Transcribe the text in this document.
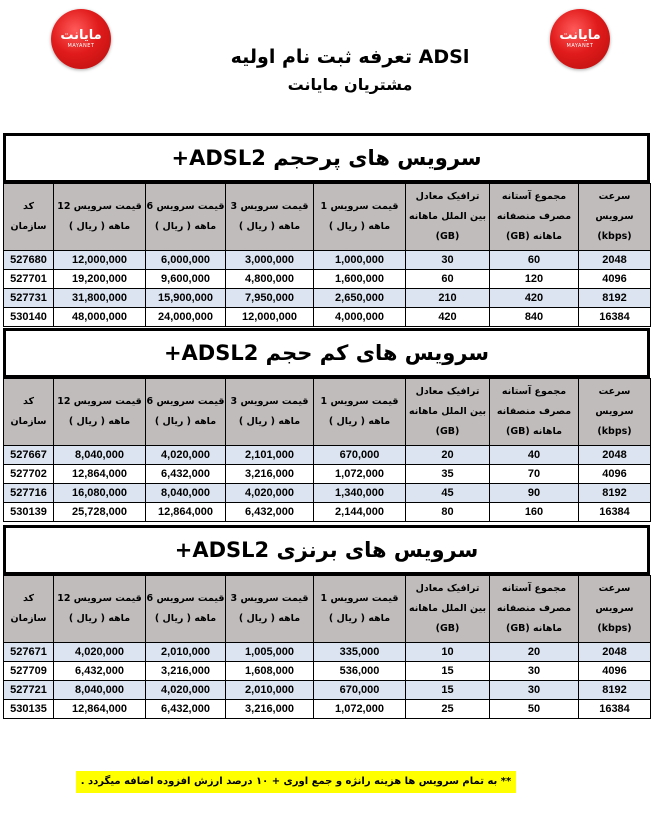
مایانت
MAYANET
مایانت
MAYANET
ADSl تعرفه ثبت نام اولیه
مشتریان مایانت
سرویس های پرحجم ADSL2+
کد سازمان	قیمت سرویس 12 ماهه ( ریال )	قیمت سرویس 6 ماهه ( ریال )	قیمت سرویس 3 ماهه ( ریال )	قیمت سرویس 1 ماهه ( ریال )	ترافیک معادل بین الملل ماهانه (GB)	مجموع آستانه مصرف منصفانه ماهانه (GB)	سرعت سرویس (kbps)
527680	12,000,000	6,000,000	3,000,000	1,000,000	30	60	2048
527701	19,200,000	9,600,000	4,800,000	1,600,000	60	120	4096
527731	31,800,000	15,900,000	7,950,000	2,650,000	210	420	8192
530140	48,000,000	24,000,000	12,000,000	4,000,000	420	840	16384
سرویس های کم حجم ADSL2+
کد سازمان	قیمت سرویس 12 ماهه ( ریال )	قیمت سرویس 6 ماهه ( ریال )	قیمت سرویس 3 ماهه ( ریال )	قیمت سرویس 1 ماهه ( ریال )	ترافیک معادل بین الملل ماهانه (GB)	مجموع آستانه مصرف منصفانه ماهانه (GB)	سرعت سرویس (kbps)
527667	8,040,000	4,020,000	2,101,000	670,000	20	40	2048
527702	12,864,000	6,432,000	3,216,000	1,072,000	35	70	4096
527716	16,080,000	8,040,000	4,020,000	1,340,000	45	90	8192
530139	25,728,000	12,864,000	6,432,000	2,144,000	80	160	16384
سرویس های برنزی ADSL2+
کد سازمان	قیمت سرویس 12 ماهه ( ریال )	قیمت سرویس 6 ماهه ( ریال )	قیمت سرویس 3 ماهه ( ریال )	قیمت سرویس 1 ماهه ( ریال )	ترافیک معادل بین الملل ماهانه (GB)	مجموع آستانه مصرف منصفانه ماهانه (GB)	سرعت سرویس (kbps)
527671	4,020,000	2,010,000	1,005,000	335,000	10	20	2048
527709	6,432,000	3,216,000	1,608,000	536,000	15	30	4096
527721	8,040,000	4,020,000	2,010,000	670,000	15	30	8192
530135	12,864,000	6,432,000	3,216,000	1,072,000	25	50	16384
** به تمام سرویس ها هزینه رانژه و جمع اوری + ۱۰ درصد ارزش افزوده اضافه میگردد .
